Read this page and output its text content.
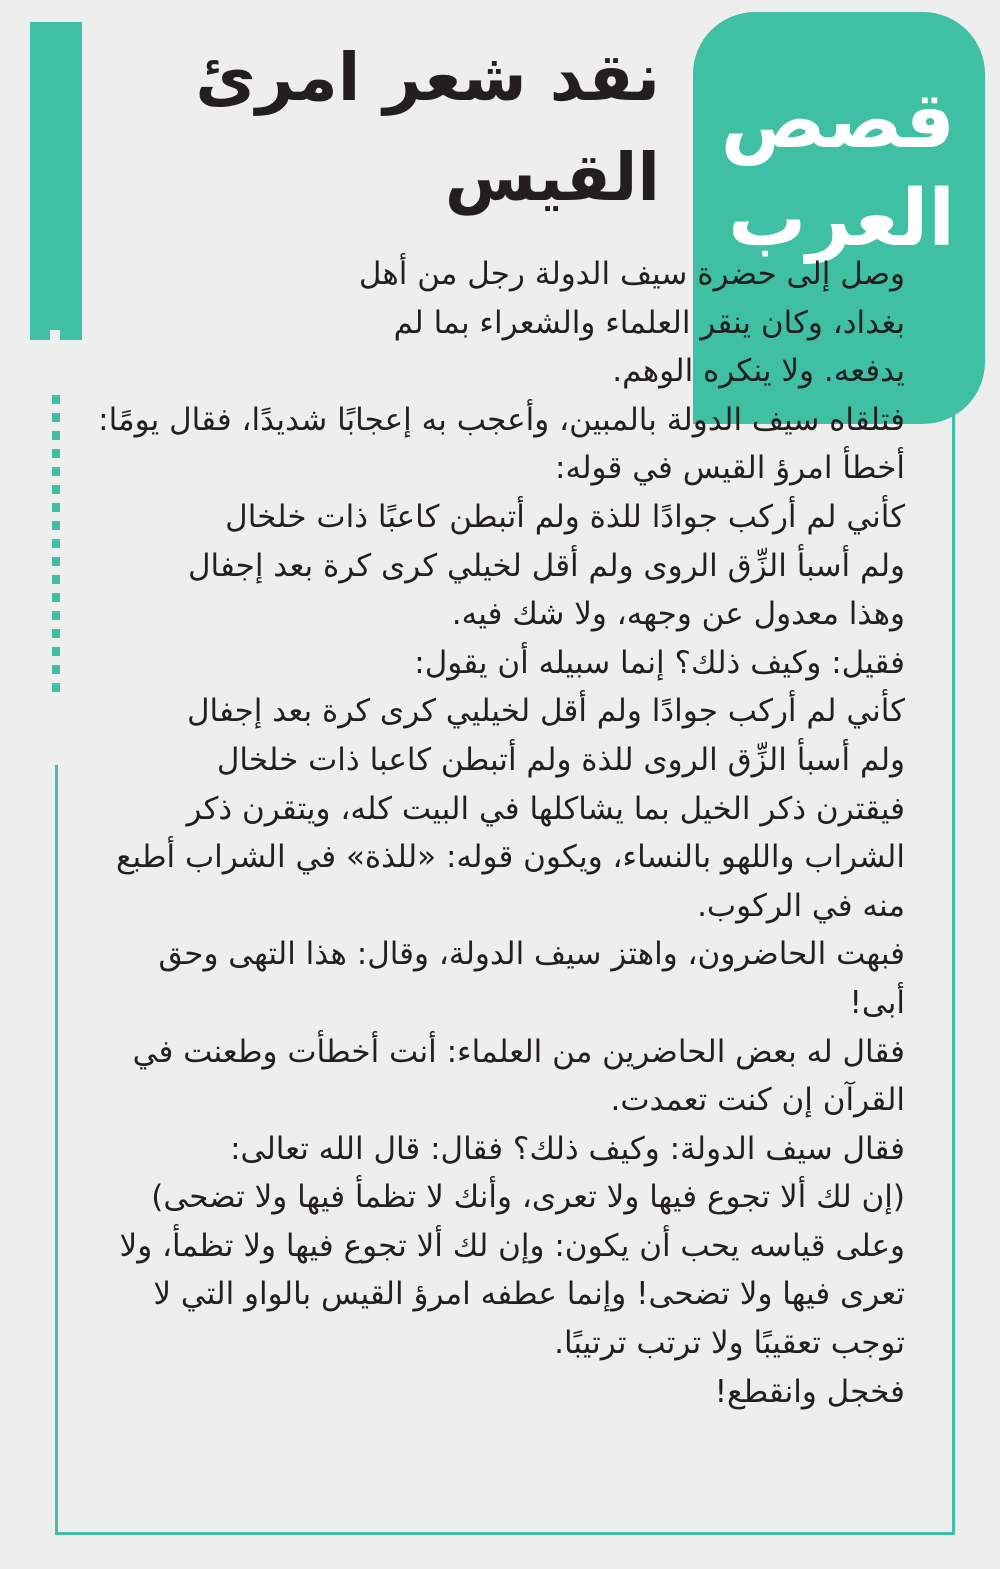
قصص
العرب
نقد شعر امرئ القيس

وصل إلى حضرة سيف الدولة رجل من أهل بغداد، وكان ينقر العلماء والشعراء بما لم يدفعه. ولا ينكره الوهم.

فتلقاه سيف الدولة بالمبين، وأعجب به إعجابًا شديدًا، فقال يومًا: أخطأ امرؤ القيس في قوله:

كأني لم أركب جوادًا للذة ولم أتبطن كاعبًا ذات خلخال

ولم أسبأ الزِّق الروى ولم أقل لخيلي كرى كرة بعد إجفال

وهذا معدول عن وجهه، ولا شك فيه.

فقيل: وكيف ذلك؟ إنما سبيله أن يقول:

كأني لم أركب جوادًا ولم أقل لخيليي كرى كرة بعد إجفال

ولم أسبأ الزِّق الروى للذة ولم أتبطن كاعبا ذات خلخال

فيقترن ذكر الخيل بما يشاكلها في البيت كله، ويتقرن ذكر الشراب واللهو بالنساء، ويكون قوله: «للذة» في الشراب أطبع منه في الركوب.

فبهت الحاضرون، واهتز سيف الدولة، وقال: هذا التهى وحق أبى!

فقال له بعض الحاضرين من العلماء: أنت أخطأت وطعنت في القرآن إن كنت تعمدت.

فقال سيف الدولة: وكيف ذلك؟ فقال: قال الله تعالى:

(إن لك ألا تجوع فيها ولا تعرى، وأنك لا تظمأ فيها ولا تضحى)

وعلى قياسه يحب أن يكون: وإن لك ألا تجوع فيها ولا تظمأ، ولا تعرى فيها ولا تضحى! وإنما عطفه امرؤ القيس بالواو التي لا توجب تعقيبًا ولا ترتب ترتيبًا.

فخجل وانقطع!
